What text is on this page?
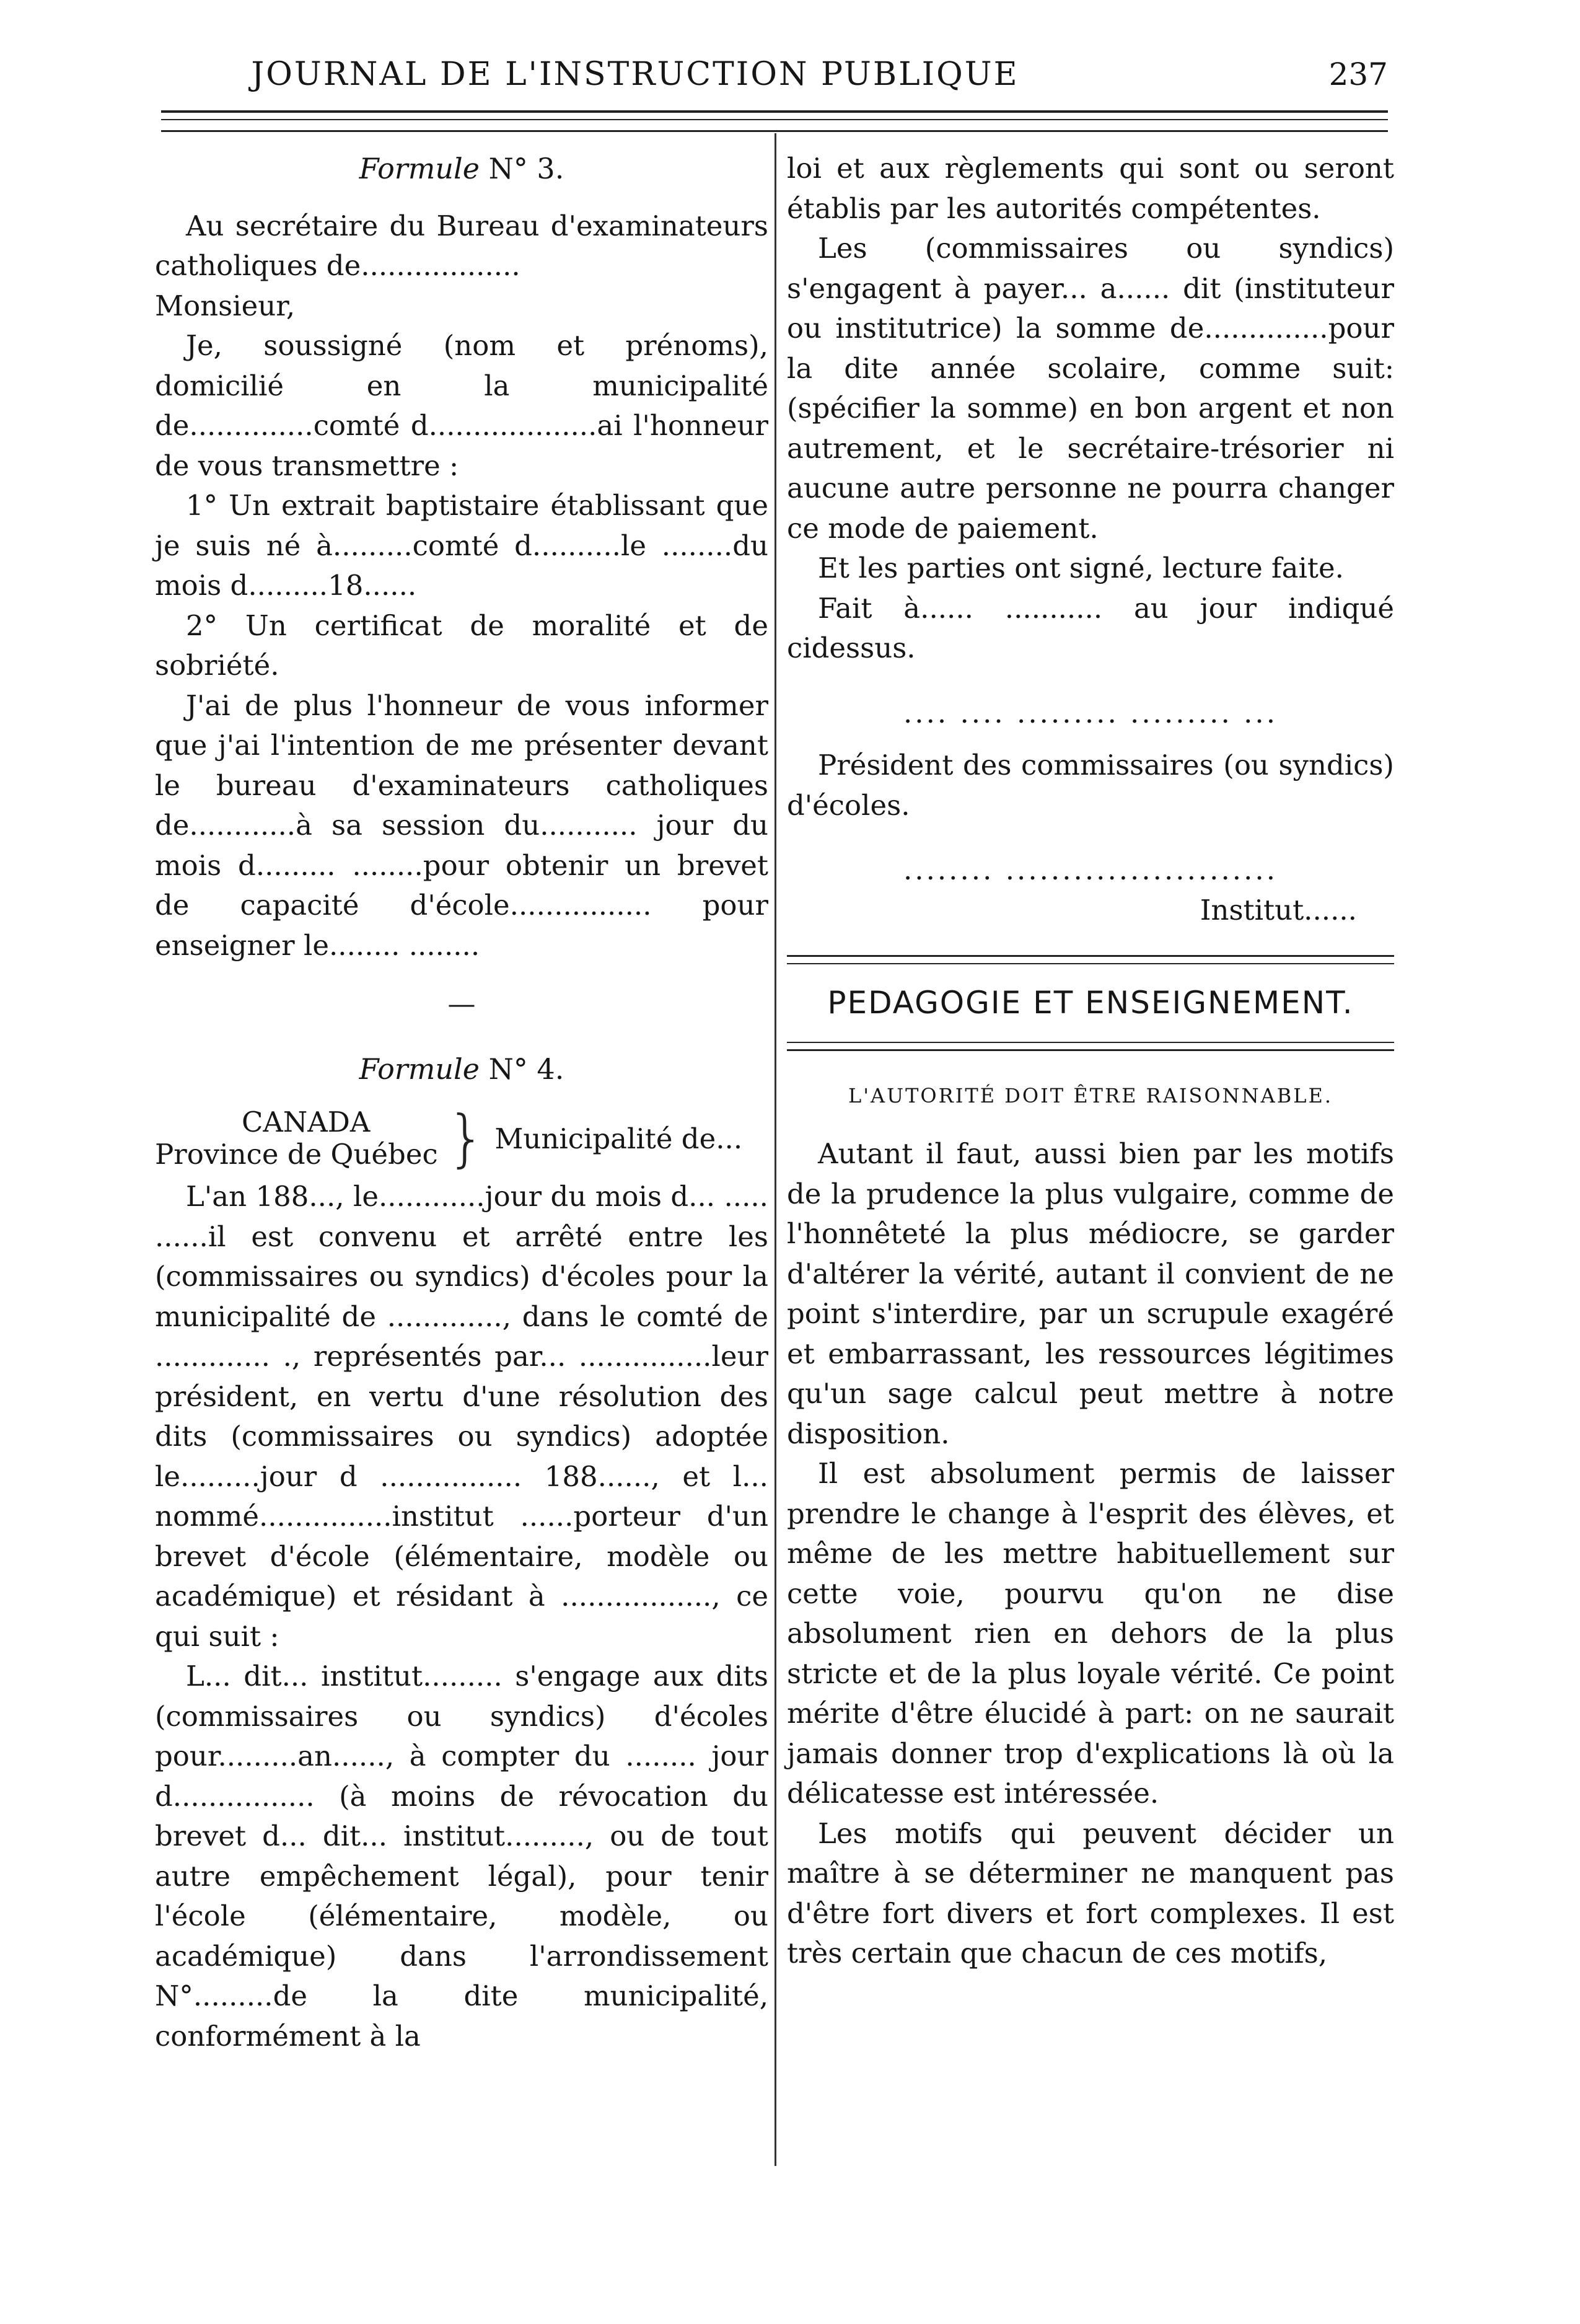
JOURNAL DE L'INSTRUCTION PUBLIQUE	237

Formule N° 3.

Au secrétaire du Bureau d'examinateurs catholiques de..................

Monsieur,

Je, soussigné (nom et prénoms), domicilié en la municipalité de..............comté d...................ai l'honneur de vous transmettre :

1° Un extrait baptistaire établissant que je suis né à.........comté d..........le ........du mois d.........18......

2° Un certificat de moralité et de sobriété.

J'ai de plus l'honneur de vous informer que j'ai l'intention de me présenter devant le bureau d'examinateurs catholiques de............à sa session du........... jour du mois d......... ........pour obtenir un brevet de capacité d'école................ pour enseigner le........ ........

—

Formule N° 4.

CANADA
Province de Québec } Municipalité de...

L'an 188..., le............jour du mois d... ..... ......il est convenu et arrêté entre les (commissaires ou syndics) d'écoles pour la municipalité de ............., dans le comté de ............. ., représentés par... ...............leur président, en vertu d'une résolution des dits (commissaires ou syndics) adoptée le.........jour d ................ 188......, et l... nommé...............institut ......porteur d'un brevet d'école (élémentaire, modèle ou académique) et résidant à ................., ce qui suit :

L... dit... institut......... s'engage aux dits (commissaires ou syndics) d'écoles pour.........an......, à compter du ........ jour d................ (à moins de révocation du brevet d... dit... institut........., ou de tout autre empêchement légal), pour tenir l'école (élémentaire, modèle, ou académique) dans l'arrondissement N°.........de la dite municipalité, conformément à la

loi et aux règlements qui sont ou seront établis par les autorités compétentes.

Les (commissaires ou syndics) s'engagent à payer... a...... dit (instituteur ou institutrice) la somme de..............pour la dite année scolaire, comme suit: (spécifier la somme) en bon argent et non autrement, et le secrétaire-trésorier ni aucune autre personne ne pourra changer ce mode de paiement.

Et les parties ont signé, lecture faite.

Fait à...... ........... au jour indiqué cidessus.

.... .... ......... ......... ...

Président des commissaires (ou syndics) d'écoles.

........ ........................

Institut......

PEDAGOGIE ET ENSEIGNEMENT.

L'AUTORITÉ DOIT ÊTRE RAISONNABLE.

Autant il faut, aussi bien par les motifs de la prudence la plus vulgaire, comme de l'honnêteté la plus médiocre, se garder d'altérer la vérité, autant il convient de ne point s'interdire, par un scrupule exagéré et embarrassant, les ressources légitimes qu'un sage calcul peut mettre à notre disposition.

Il est absolument permis de laisser prendre le change à l'esprit des élèves, et même de les mettre habituellement sur cette voie, pourvu qu'on ne dise absolument rien en dehors de la plus stricte et de la plus loyale vérité. Ce point mérite d'être élucidé à part: on ne saurait jamais donner trop d'explications là où la délicatesse est intéressée.

Les motifs qui peuvent décider un maître à se déterminer ne manquent pas d'être fort divers et fort complexes. Il est très certain que chacun de ces motifs,
